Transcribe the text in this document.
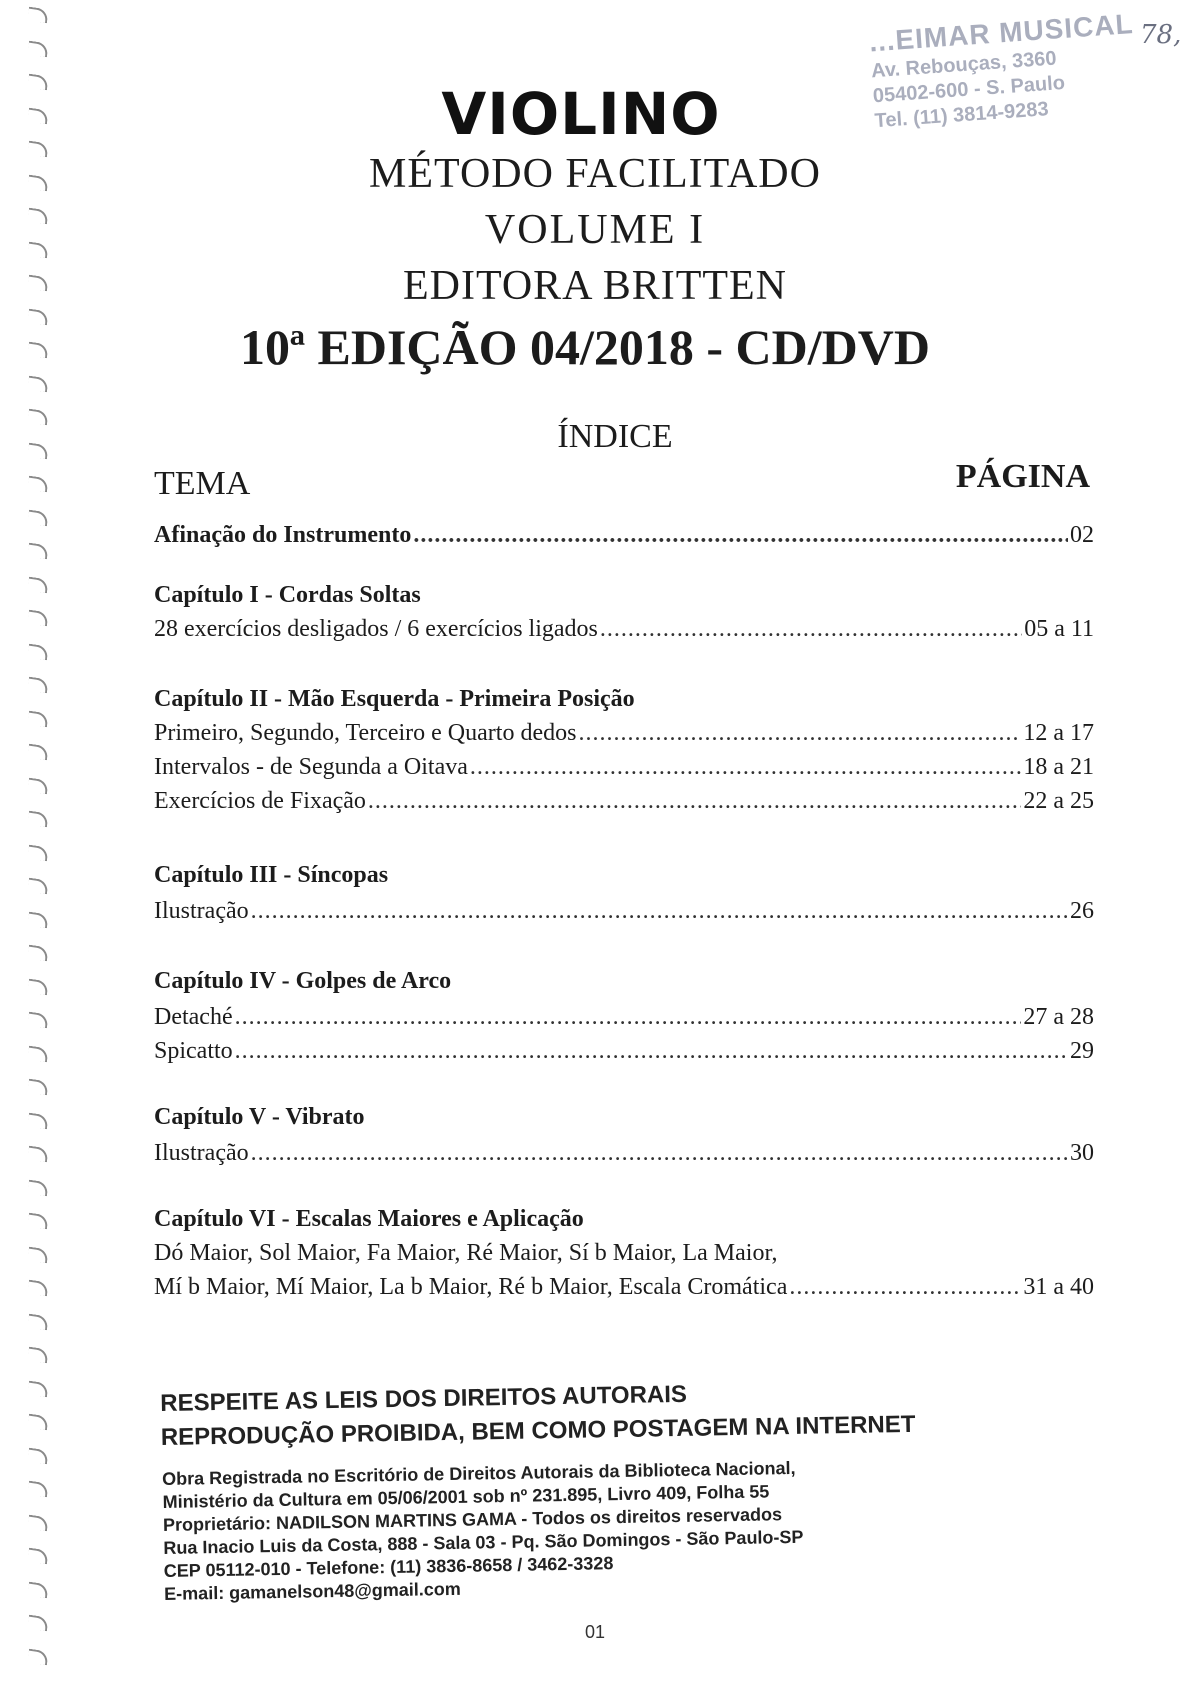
...EIMAR MUSICAL
Av. Rebouças, 3360
05402-600 - S. Paulo
Tel. (11) 3814-9283
78,
VIOLINO
MÉTODO FACILITADO
VOLUME I
EDITORA BRITTEN
10ª EDIÇÃO 04/2018 - CD/DVD
ÍNDICE
TEMA	PÁGINA
Afinação do Instrumento .....	02
Capítulo I - Cordas Soltas
28 exercícios desligados / 6 exercícios ligados .....	05 a 11
Capítulo II - Mão Esquerda - Primeira Posição
Primeiro, Segundo, Terceiro e Quarto dedos .....	12 a 17
Intervalos - de Segunda a Oitava .....	18 a 21
Exercícios de Fixação .....	22 a 25
Capítulo III - Síncopas
Ilustração .....	26
Capítulo IV - Golpes de Arco
Detaché .....	27 a 28
Spicatto .....	29
Capítulo V - Vibrato
Ilustração .....	30
Capítulo VI - Escalas Maiores e Aplicação
Dó Maior, Sol Maior, Fa Maior, Ré Maior, Sí b Maior, La Maior,
Mí b Maior, Mí Maior, La b Maior, Ré b Maior, Escala Cromática .....	31 a 40
RESPEITE AS LEIS DOS DIREITOS AUTORAIS
REPRODUÇÃO PROIBIDA, BEM COMO POSTAGEM NA INTERNET
Obra Registrada no Escritório de Direitos Autorais da Biblioteca Nacional,
Ministério da Cultura em 05/06/2001 sob nº 231.895, Livro 409, Folha 55
Proprietário: NADILSON MARTINS GAMA - Todos os direitos reservados
Rua Inacio Luis da Costa, 888 - Sala 03 - Pq. São Domingos - São Paulo-SP
CEP 05112-010 - Telefone: (11) 3836-8658 / 3462-3328
E-mail: gamanelson48@gmail.com
01
